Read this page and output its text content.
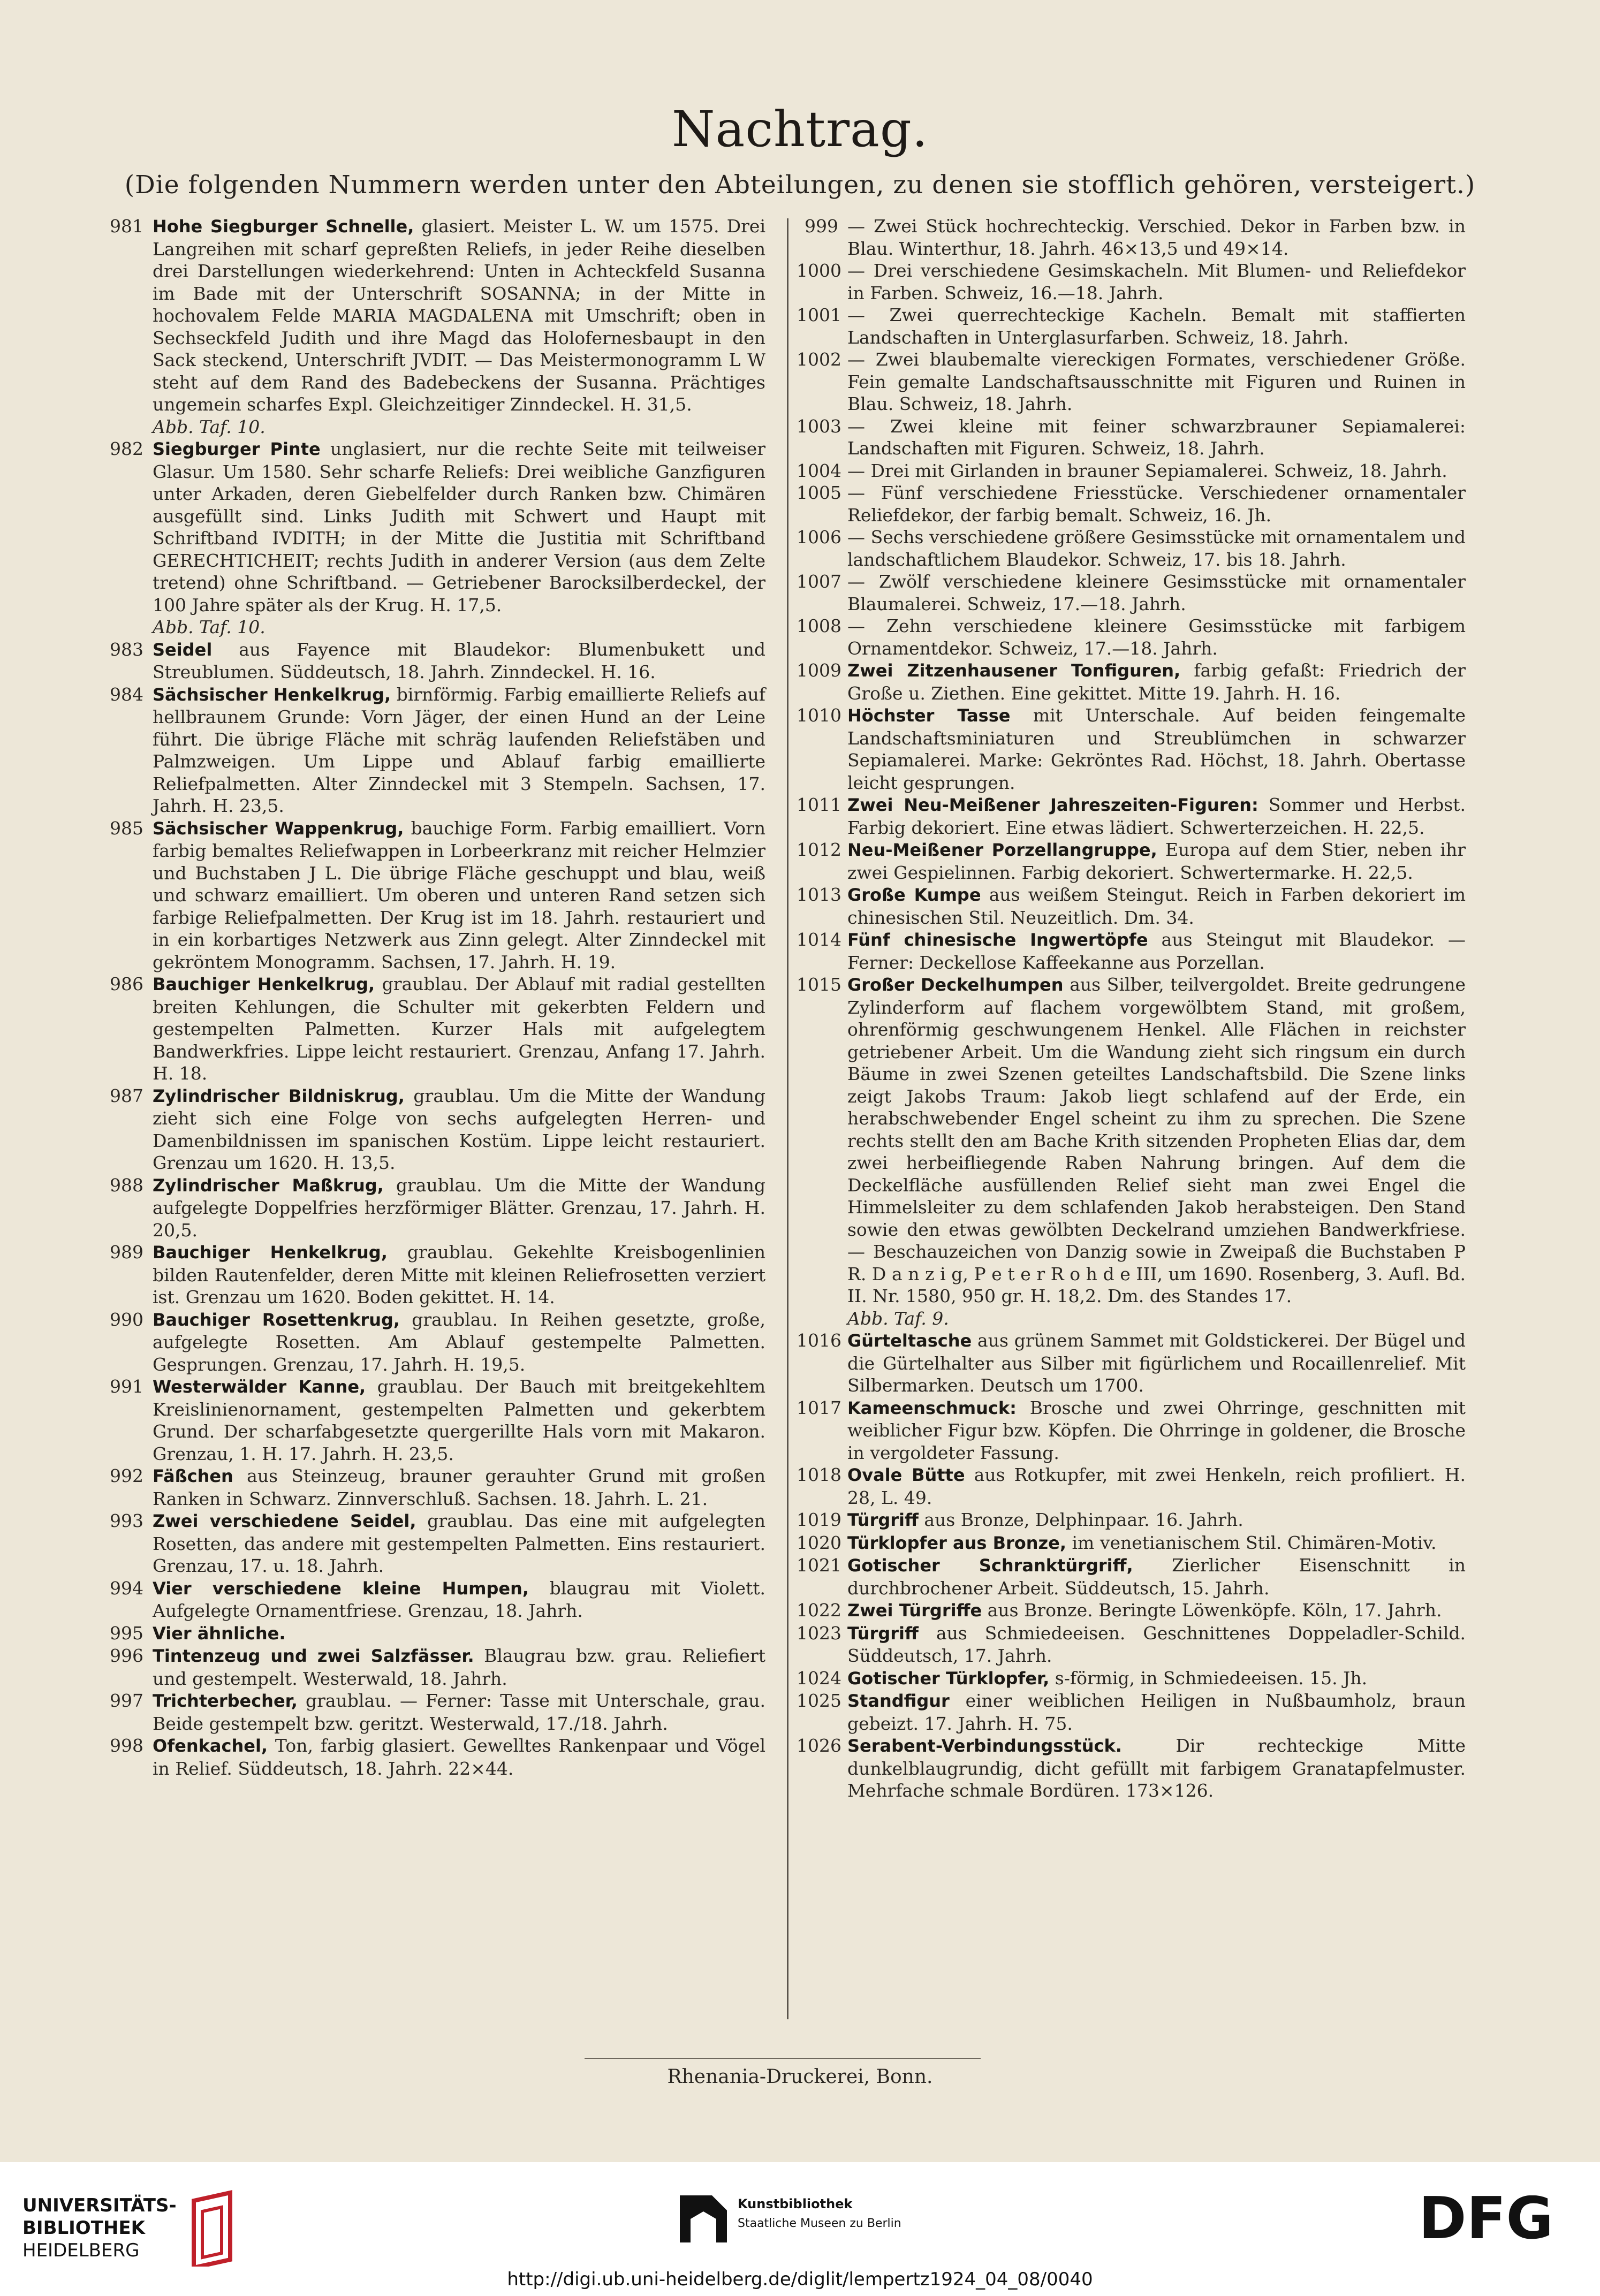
Nachtrag.
(Die folgenden Nummern werden unter den Abteilungen, zu denen sie stofflich gehören, versteigert.)
981 Hohe Siegburger Schnelle, glasiert. Meister L. W. um 1575. Drei Langreihen mit scharf gepreßten Reliefs, in jeder Reihe dieselben drei Darstellungen wiederkehrend: Unten in Achteckfeld Susanna im Bade mit der Unterschrift SOSANNA; in der Mitte in hochovalem Felde MARIA MAGDALENA mit Umschrift; oben in Sechseckfeld Judith und ihre Magd das Holofernesbaupt in den Sack steckend, Unterschrift JVDIT. — Das Meistermonogramm L W steht auf dem Rand des Badebeckens der Susanna. Prächtiges ungemein scharfes Expl. Gleichzeitiger Zinndeckel. H. 31,5.
Abb. Taf. 10.
982 Siegburger Pinte unglasiert, nur die rechte Seite mit teilweiser Glasur. Um 1580. Sehr scharfe Reliefs: Drei weibliche Ganzfiguren unter Arkaden, deren Giebelfelder durch Ranken bzw. Chimären ausgefüllt sind. Links Judith mit Schwert und Haupt mit Schriftband IVDITH; in der Mitte die Justitia mit Schriftband GERECHTICHEIT; rechts Judith in anderer Version (aus dem Zelte tretend) ohne Schriftband. — Getriebener Barocksilberdeckel, der 100 Jahre später als der Krug. H. 17,5.
Abb. Taf. 10.
983 Seidel aus Fayence mit Blaudekor: Blumenbukett und Streublumen. Süddeutsch, 18. Jahrh. Zinndeckel. H. 16.
984 Sächsischer Henkelkrug, birnförmig. Farbig emaillierte Reliefs auf hellbraunem Grunde: Vorn Jäger, der einen Hund an der Leine führt. Die übrige Fläche mit schräg laufenden Reliefstäben und Palmzweigen. Um Lippe und Ablauf farbig emaillierte Reliefpalmetten. Alter Zinndeckel mit 3 Stempeln. Sachsen, 17. Jahrh. H. 23,5.
985 Sächsischer Wappenkrug, bauchige Form. Farbig emailliert. Vorn farbig bemaltes Reliefwappen in Lorbeerkranz mit reicher Helmzier und Buchstaben J L. Die übrige Fläche geschuppt und blau, weiß und schwarz emailliert. Um oberen und unteren Rand setzen sich farbige Reliefpalmetten. Der Krug ist im 18. Jahrh. restauriert und in ein korbartiges Netzwerk aus Zinn gelegt. Alter Zinndeckel mit gekröntem Monogramm. Sachsen, 17. Jahrh. H. 19.
986 Bauchiger Henkelkrug, graublau. Der Ablauf mit radial gestellten breiten Kehlungen, die Schulter mit gekerbten Feldern und gestempelten Palmetten. Kurzer Hals mit aufgelegtem Bandwerkfries. Lippe leicht restauriert. Grenzau, Anfang 17. Jahrh. H. 18.
987 Zylindrischer Bildniskrug, graublau. Um die Mitte der Wandung zieht sich eine Folge von sechs aufgelegten Herren- und Damenbildnissen im spanischen Kostüm. Lippe leicht restauriert. Grenzau um 1620. H. 13,5.
988 Zylindrischer Maßkrug, graublau. Um die Mitte der Wandung aufgelegte Doppelfries herzförmiger Blätter. Grenzau, 17. Jahrh. H. 20,5.
989 Bauchiger Henkelkrug, graublau. Gekehlte Kreisbogenlinien bilden Rautenfelder, deren Mitte mit kleinen Reliefrosetten verziert ist. Grenzau um 1620. Boden gekittet. H. 14.
990 Bauchiger Rosettenkrug, graublau. In Reihen gesetzte, große, aufgelegte Rosetten. Am Ablauf gestempelte Palmetten. Gesprungen. Grenzau, 17. Jahrh. H. 19,5.
991 Westerwälder Kanne, graublau. Der Bauch mit breitgekehltem Kreislinienornament, gestempelten Palmetten und gekerbtem Grund. Der scharfabgesetzte quergerillte Hals vorn mit Makaron. Grenzau, 1. H. 17. Jahrh. H. 23,5.
992 Fäßchen aus Steinzeug, brauner gerauhter Grund mit großen Ranken in Schwarz. Zinnverschluß. Sachsen. 18. Jahrh. L. 21.
993 Zwei verschiedene Seidel, graublau. Das eine mit aufgelegten Rosetten, das andere mit gestempelten Palmetten. Eins restauriert. Grenzau, 17. u. 18. Jahrh.
994 Vier verschiedene kleine Humpen, blaugrau mit Violett. Aufgelegte Ornamentfriese. Grenzau, 18. Jahrh.
995 Vier ähnliche.
996 Tintenzeug und zwei Salzfässer. Blaugrau bzw. grau. Reliefiert und gestempelt. Westerwald, 18. Jahrh.
997 Trichterbecher, graublau. — Ferner: Tasse mit Unterschale, grau. Beide gestempelt bzw. geritzt. Westerwald, 17./18. Jahrh.
998 Ofenkachel, Ton, farbig glasiert. Gewelltes Rankenpaar und Vögel in Relief. Süddeutsch, 18. Jahrh. 22×44.
999 — Zwei Stück hochrechteckig. Verschied. Dekor in Farben bzw. in Blau. Winterthur, 18. Jahrh. 46×13,5 und 49×14.
1000 — Drei verschiedene Gesimskacheln. Mit Blumen- und Reliefdekor in Farben. Schweiz, 16.—18. Jahrh.
1001 — Zwei querrechteckige Kacheln. Bemalt mit staffierten Landschaften in Unterglasurfarben. Schweiz, 18. Jahrh.
1002 — Zwei blaubemalte viereckigen Formates, verschiedener Größe. Fein gemalte Landschaftsausschnitte mit Figuren und Ruinen in Blau. Schweiz, 18. Jahrh.
1003 — Zwei kleine mit feiner schwarzbrauner Sepiamalerei: Landschaften mit Figuren. Schweiz, 18. Jahrh.
1004 — Drei mit Girlanden in brauner Sepiamalerei. Schweiz, 18. Jahrh.
1005 — Fünf verschiedene Friesstücke. Verschiedener ornamentaler Reliefdekor, der farbig bemalt. Schweiz, 16. Jh.
1006 — Sechs verschiedene größere Gesimsstücke mit ornamentalem und landschaftlichem Blaudekor. Schweiz, 17. bis 18. Jahrh.
1007 — Zwölf verschiedene kleinere Gesimsstücke mit ornamentaler Blaumalerei. Schweiz, 17.—18. Jahrh.
1008 — Zehn verschiedene kleinere Gesimsstücke mit farbigem Ornamentdekor. Schweiz, 17.—18. Jahrh.
1009 Zwei Zitzenhausener Tonfiguren, farbig gefaßt: Friedrich der Große u. Ziethen. Eine gekittet. Mitte 19. Jahrh. H. 16.
1010 Höchster Tasse mit Unterschale. Auf beiden feingemalte Landschaftsminiaturen und Streublümchen in schwarzer Sepiamalerei. Marke: Gekröntes Rad. Höchst, 18. Jahrh. Obertasse leicht gesprungen.
1011 Zwei Neu-Meißener Jahreszeiten-Figuren: Sommer und Herbst. Farbig dekoriert. Eine etwas lädiert. Schwerterzeichen. H. 22,5.
1012 Neu-Meißener Porzellangruppe, Europa auf dem Stier, neben ihr zwei Gespielinnen. Farbig dekoriert. Schwertermarke. H. 22,5.
1013 Große Kumpe aus weißem Steingut. Reich in Farben dekoriert im chinesischen Stil. Neuzeitlich. Dm. 34.
1014 Fünf chinesische Ingwertöpfe aus Steingut mit Blaudekor. — Ferner: Deckellose Kaffeekanne aus Porzellan.
1015 Großer Deckelhumpen aus Silber, teilvergoldet. Breite gedrungene Zylinderform auf flachem vorgewölbtem Stand, mit großem, ohrenförmig geschwungenem Henkel. Alle Flächen in reichster getriebener Arbeit. Um die Wandung zieht sich ringsum ein durch Bäume in zwei Szenen geteiltes Landschaftsbild. Die Szene links zeigt Jakobs Traum: Jakob liegt schlafend auf der Erde, ein herabschwebender Engel scheint zu ihm zu sprechen. Die Szene rechts stellt den am Bache Krith sitzenden Propheten Elias dar, dem zwei herbeifliegende Raben Nahrung bringen. Auf dem die Deckelfläche ausfüllenden Relief sieht man zwei Engel die Himmelsleiter zu dem schlafenden Jakob herabsteigen. Den Stand sowie den etwas gewölbten Deckelrand umziehen Bandwerkfriese. — Beschauzeichen von Danzig sowie in Zweipaß die Buchstaben P R. D a n z i g, P e t e r R o h d e III, um 1690. Rosenberg, 3. Aufl. Bd. II. Nr. 1580, 950 gr. H. 18,2. Dm. des Standes 17.
Abb. Taf. 9.
1016 Gürteltasche aus grünem Sammet mit Goldstickerei. Der Bügel und die Gürtelhalter aus Silber mit figürlichem und Rocaillenrelief. Mit Silbermarken. Deutsch um 1700.
1017 Kameenschmuck: Brosche und zwei Ohrringe, geschnitten mit weiblicher Figur bzw. Köpfen. Die Ohrringe in goldener, die Brosche in vergoldeter Fassung.
1018 Ovale Bütte aus Rotkupfer, mit zwei Henkeln, reich profiliert. H. 28, L. 49.
1019 Türgriff aus Bronze, Delphinpaar. 16. Jahrh.
1020 Türklopfer aus Bronze, im venetianischem Stil. Chimären-Motiv.
1021 Gotischer Schranktürgriff, Zierlicher Eisenschnitt in durchbrochener Arbeit. Süddeutsch, 15. Jahrh.
1022 Zwei Türgriffe aus Bronze. Beringte Löwenköpfe. Köln, 17. Jahrh.
1023 Türgriff aus Schmiedeeisen. Geschnittenes Doppeladler-Schild. Süddeutsch, 17. Jahrh.
1024 Gotischer Türklopfer, s-förmig, in Schmiedeeisen. 15. Jh.
1025 Standfigur einer weiblichen Heiligen in Nußbaumholz, braun gebeizt. 17. Jahrh. H. 75.
1026 Serabent-Verbindungsstück. Dir rechteckige Mitte dunkelblaugrundig, dicht gefüllt mit farbigem Granatapfelmuster. Mehrfache schmale Bordüren. 173×126.
Rhenania-Druckerei, Bonn.
UNIVERSITÄTS-
BIBLIOTHEK
HEIDELBERG
Kunstbibliothek
Staatliche Museen zu Berlin	DFG
http://digi.ub.uni-heidelberg.de/diglit/lempertz1924_04_08/0040
